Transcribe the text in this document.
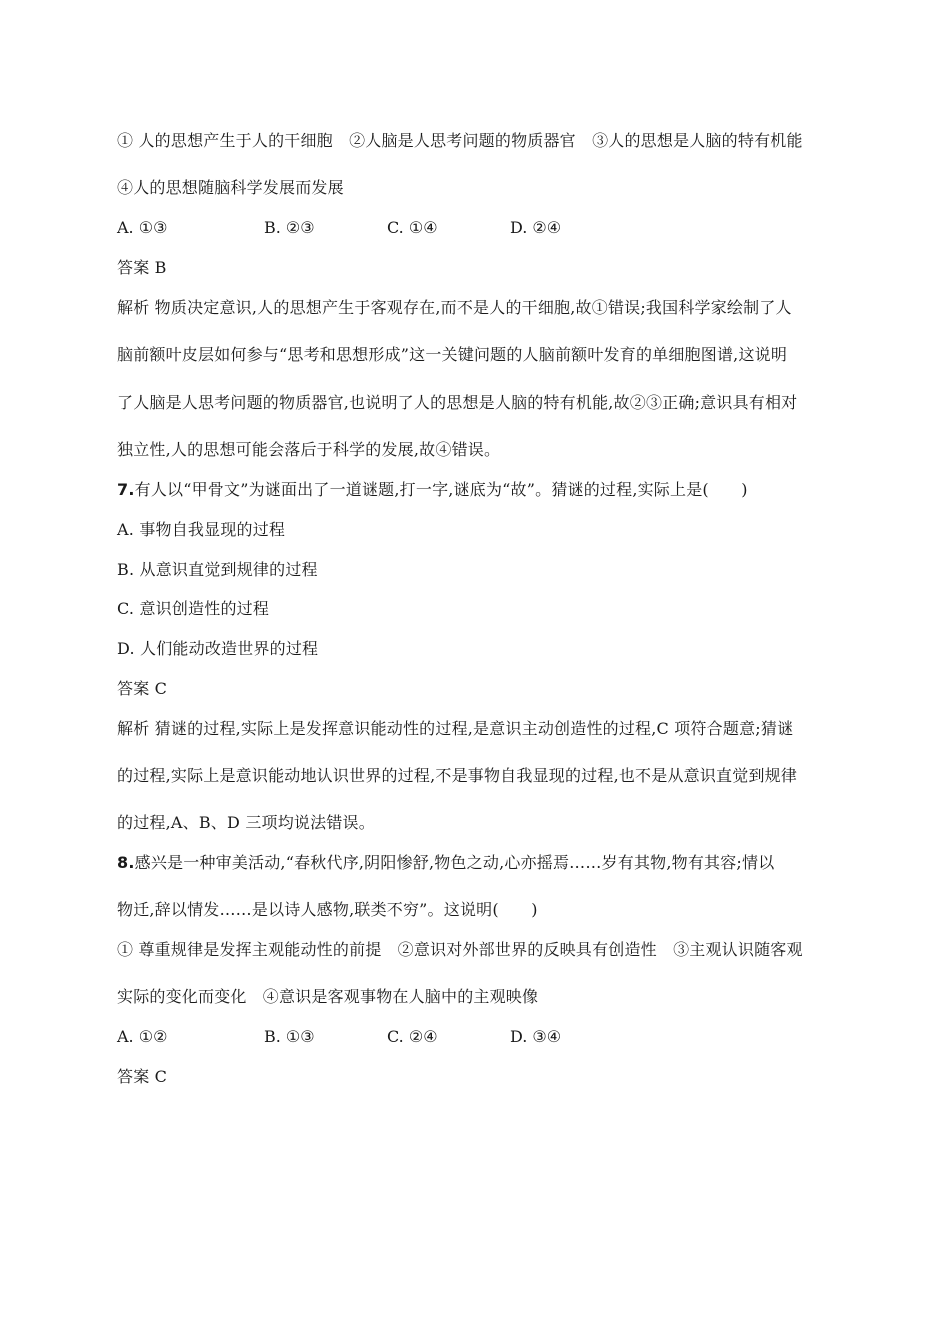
① 人的思想产生于人的干细胞　②人脑是人思考问题的物质器官　③人的思想是人脑的特有机能
④人的思想随脑科学发展而发展
A. ①③	B. ②③	C. ①④	D. ②④
答案 B
解析 物质决定意识,人的思想产生于客观存在,而不是人的干细胞,故①错误;我国科学家绘制了人
脑前额叶皮层如何参与“思考和思想形成”这一关键问题的人脑前额叶发育的单细胞图谱,这说明
了人脑是人思考问题的物质器官,也说明了人的思想是人脑的特有机能,故②③正确;意识具有相对
独立性,人的思想可能会落后于科学的发展,故④错误。
7.有人以“甲骨文”为谜面出了一道谜题,打一字,谜底为“故”。猜谜的过程,实际上是(　　)
A. 事物自我显现的过程
B. 从意识直觉到规律的过程
C. 意识创造性的过程
D. 人们能动改造世界的过程
答案 C
解析 猜谜的过程,实际上是发挥意识能动性的过程,是意识主动创造性的过程,C 项符合题意;猜谜
的过程,实际上是意识能动地认识世界的过程,不是事物自我显现的过程,也不是从意识直觉到规律
的过程,A、B、D 三项均说法错误。
8.感兴是一种审美活动,“春秋代序,阴阳惨舒,物色之动,心亦摇焉……岁有其物,物有其容;情以
物迁,辞以情发……是以诗人感物,联类不穷”。这说明(　　)
① 尊重规律是发挥主观能动性的前提　②意识对外部世界的反映具有创造性　③主观认识随客观
实际的变化而变化　④意识是客观事物在人脑中的主观映像
A. ①②	B. ①③	C. ②④	D. ③④
答案 C
